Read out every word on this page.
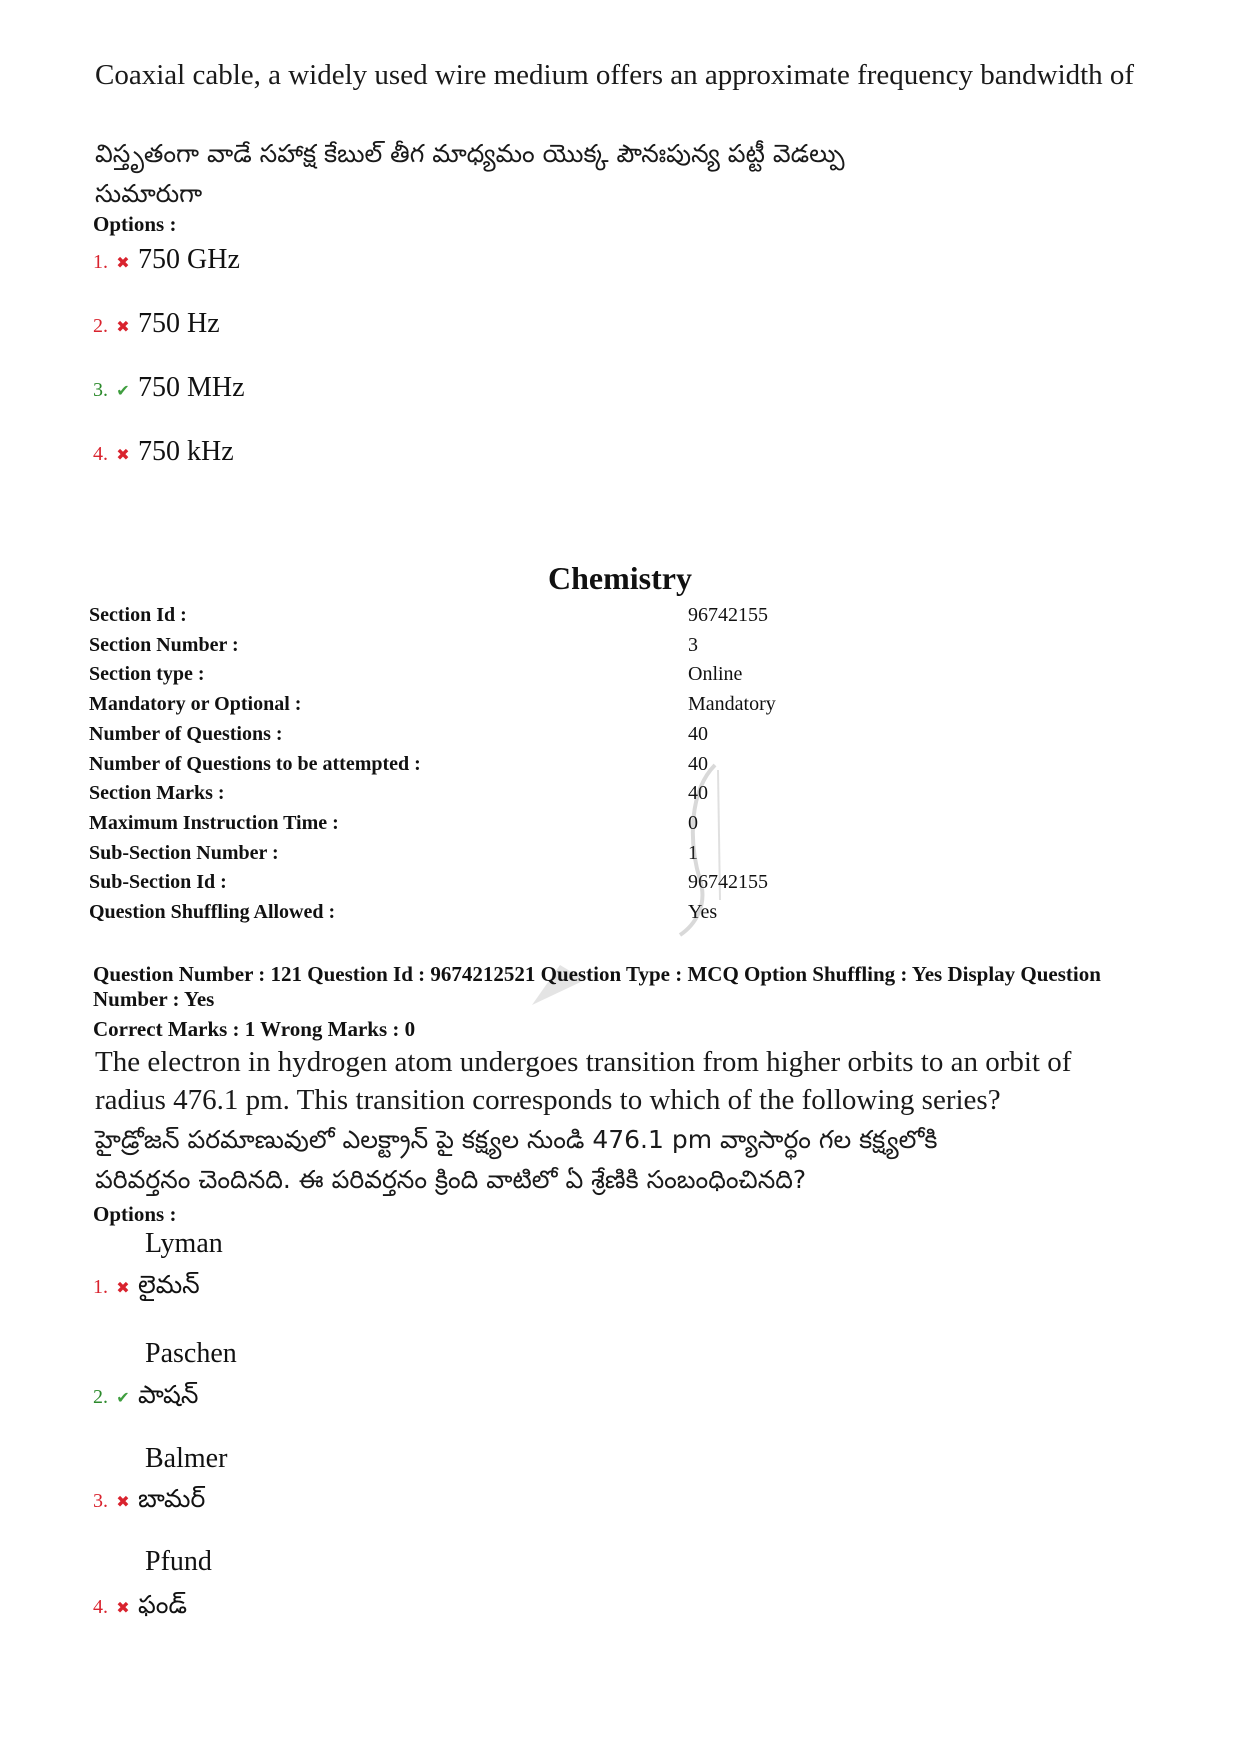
Coaxial cable, a widely used wire medium offers an approximate frequency bandwidth of
విస్తృతంగా వాడే సహాక్ష కేబుల్ తీగ మాధ్యమం యొక్క పౌనఃపున్య పట్టీ వెడల్పు
సుమారుగా
Options :
1. ✖ 750 GHz
2. ✖ 750 Hz
3. ✔ 750 MHz
4. ✖ 750 kHz
Chemistry
Section Id :	96742155
Section Number :	3
Section type :	Online
Mandatory or Optional :	Mandatory
Number of Questions :	40
Number of Questions to be attempted :	40
Section Marks :	40
Maximum Instruction Time :	0
Sub-Section Number :	1
Sub-Section Id :	96742155
Question Shuffling Allowed :	Yes
Question Number : 121 Question Id : 9674212521 Question Type : MCQ Option Shuffling : Yes Display Question
Number : Yes
Correct Marks : 1 Wrong Marks : 0
The electron in hydrogen atom undergoes transition from higher orbits to an orbit of
radius 476.1 pm. This transition corresponds to which of the following series?
హైడ్రోజన్ పరమాణువులో ఎలక్ట్రాన్ పై కక్ష్యల నుండి 476.1 pm వ్యాసార్ధం గల కక్ష్యలోకి
పరివర్తనం చెందినది. ఈ పరివర్తనం క్రింది వాటిలో ఏ శ్రేణికి సంబంధించినది?
Options :
Lyman
1. ✖ లైమన్
Paschen
2. ✔ పాషన్
Balmer
3. ✖ బామర్
Pfund
4. ✖ ఫండ్
